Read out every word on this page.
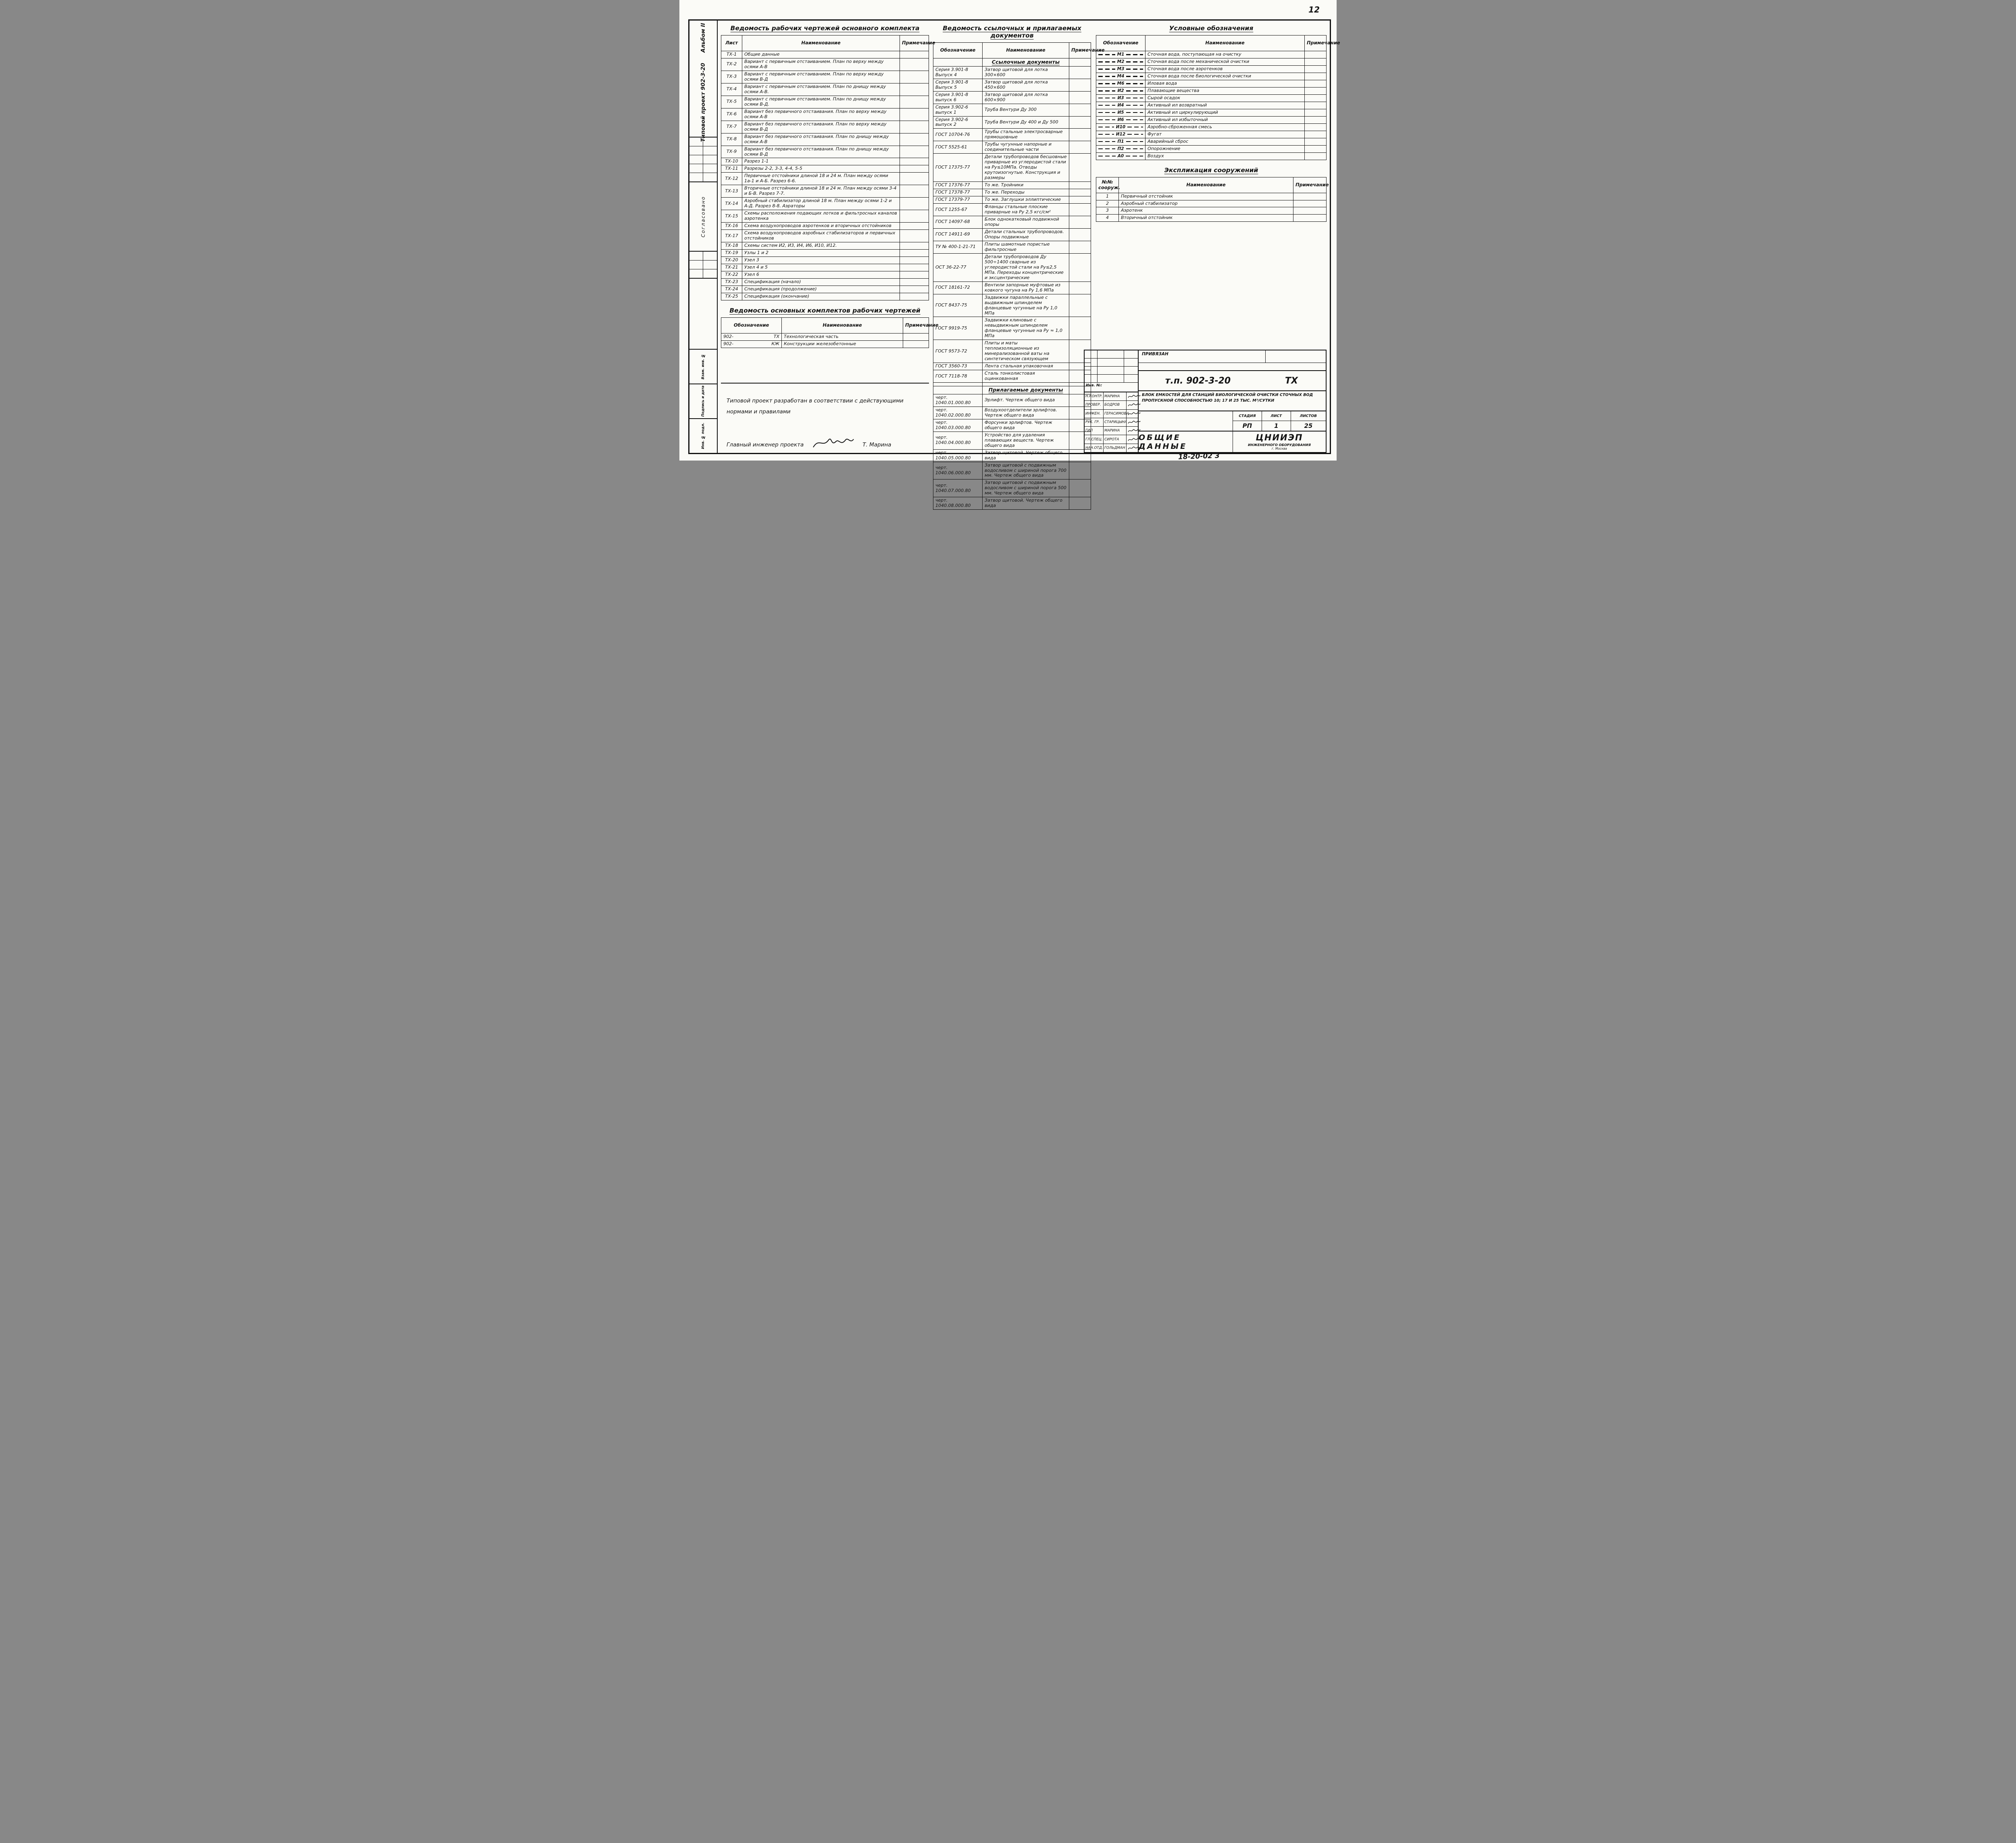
12
Альбом II
Типовой проект 902-3-20
Согласовано
Взам. инв. №
Подпись и дата
Инв. № подл.
Ведомость рабочих чертежей основного комплекта
Лист	Наименование	Примечание
ТХ-1	Общие данные	
ТХ-2	Вариант с первичным отстаиванием. План по верху между осями А-В	
ТХ-3	Вариант с первичным отстаиванием. План по верху между осями В-Д	
ТХ-4	Вариант с первичным отстаиванием. План по днищу между осями А-В.	
ТХ-5	Вариант с первичным отстаиванием. План по днищу между осями В-Д.	
ТХ-6	Вариант без первичного отстаивания. План по верху между осями А-В	
ТХ-7	Вариант без первичного отстаивания. План по верху между осями В-Д	
ТХ-8	Вариант без первичного отстаивания. План по днищу между осями А-В	
ТХ-9	Вариант без первичного отстаивания. План по днищу между осями В-Д	
ТХ-10	Разрез 1-1	
ТХ-11	Разрезы 2-2, 3-3, 4-4, 5-5	
ТХ-12	Первичные отстойники длиной 18 и 24 м. План между осями 1а-1 и А-Б. Разрез 6-6.	
ТХ-13	Вторичные отстойники длиной 18 и 24 м. План между осями 3-4 и Б-В. Разрез 7-7.	
ТХ-14	Аэробный стабилизатор длиной 18 м. План между осями 1-2 и А-Д. Разрез 8-8. Аэраторы	
ТХ-15	Схемы расположения подающих лотков и фильтросных каналов аэротенка	
ТХ-16	Схема воздухопроводов аэротенков и вторичных отстойников	
ТХ-17	Схема воздухопроводов аэробных стабилизаторов и первичных отстойников	
ТХ-18	Схемы систем И2, И3, И4, И6, И10, И12.	
ТХ-19	Узлы 1 и 2	
ТХ-20	Узел 3	
ТХ-21	Узел 4 и 5	
ТХ-22	Узел 6	
ТХ-23	Спецификация (начало)	
ТХ-24	Спецификация (продолжение)	
ТХ-25	Спецификация (окончание)	
Ведомость основных комплектов рабочих чертежей
Обозначение	Наименование	Примечание

902- ТХ	Технологическая часть	

902- КЖ	Конструкции железобетонные	

Типовой проект разработан в соответствии с действующими нормами и правилами

Главный инженер проекта	Т. Марина
Ведомость ссылочных и прилагаемых документов
Обозначение	Наименование	Примечание
	Ссылочные документы	
Серия 3.901-8 Выпуск 4	Затвор щитовой для лотка 300×600	
Серия 3.901-8 Выпуск 5	Затвор щитовой для лотка 450×600	
Серия 3.901-8 выпуск 6	Затвор щитовой для лотка 600×900	
Серия 3.902-6 выпуск 1	Труба Вентури Ду 300	
Серия 3.902-6 выпуск 2	Труба Вентури Ду 400 и Ду 500	
ГОСТ 10704-76	Трубы стальные электросварные прямошовные	
ГОСТ 5525-61	Трубы чугунные напорные и соединительные части	
ГОСТ 17375-77	Детали трубопроводов бесшовные приварные из углеродистой стали на Ру≤10МПа. Отводы крутоизогнутые. Конструкция и размеры	
ГОСТ 17376-77	То же. Тройники	
ГОСТ 17378-77	То же. Переходы	
ГОСТ 17379-77	То же. Заглушки эллиптические	
ГОСТ 1255-67	Фланцы стальные плоские приварные на Ру 2,5 кгс/см²	
ГОСТ 14097-68	Блок однокатковый подвижной опоры	
ГОСТ 14911-69	Детали стальных трубопроводов. Опоры подвижные	
ТУ № 400-1-21-71	Плиты шамотные пористые фильтросные	
ОСТ 36-22-77	Детали трубопроводов Ду 500÷1400 сварные из углеродистой стали на Ру≤2,5 МПа. Переходы концентрические и эксцентрические	
ГОСТ 18161-72	Вентили запорные муфтовые из ковкого чугуна на Ру 1,6 МПа	
ГОСТ 8437-75	Задвижки параллельные с выдвижным шпинделем фланцевые чугунные на Ру 1,0 МПа	
ГОСТ 9919-75	Задвижки клиновые с невыдвижным шпинделем фланцевые чугунные на Ру ≈ 1,0 МПа	
ГОСТ 9573-72	Плиты и маты теплоизоляционные из минерализованной ваты на синтетическом связующем	
ГОСТ 3560-73	Лента стальная упаковочная	
ГОСТ 7118-78	Сталь тонколистовая оцинкованная	

	Прилагаемые документы	
черт. 1040.01.000.80	Эрлифт. Чертеж общего вида	
черт. 1040.02.000.80	Воздухоотделители эрлифтов. Чертеж общего вида	
черт. 1040.03.000.80	Форсунки эрлифтов. Чертеж общего вида	
черт. 1040.04.000.80	Устройство для удаления плавающих веществ. Чертеж общего вида	
черт. 1040.05.000.80	Затвор щитовой. Чертеж общего вида	
черт. 1040.06.000.80	Затвор щитовой с подвижным водосливом с шириной порога 700 мм. Чертеж общего вида	
черт. 1040.07.000.80	Затвор щитовой с подвижным водосливом с шириной порога 500 мм. Чертеж общего вида	
черт. 1040.08.000.80	Затвор щитовой. Чертеж общего вида	
Условные обозначения
Обозначение	Наименование	Примечание

М1	Сточная вода, поступающая на очистку	

М2	Сточная вода после механической очистки	

М3	Сточная вода после аэротенков	

М4	Сточная вода после биологической очистки	

М6	Иловая вода	

И2	Плавающие вещества	

И3	Сырой осадок	

И4	Активный ил возвратный	

И5	Активный ил циркулирующий	

И6	Активный ил избыточный	

И10	Аэробно-сброженная смесь	

И12	Фугат	

П1	Аварийный сброс	

П2	Опорожнение	

А0	Воздух	
Экспликация сооружений
№№ сооруж.	Наименование	Примечание
1	Первичный отстойник	
2	Аэробный стабилизатор	
3	Аэротенк	
4	Вторичный отстойник	
Инв. №:
Н.КОНТР. МАРИНА
ПРОВЕР. БОДРОВ
ИНЖЕН.	ГЕРАСИМОВА
РУК. ГР.	СТАРИЦЫНА
ГИП	МАРИНА
ГЛ.СПЕЦ. СИРОТА
НАЧ.ОТД. ГОЛЬДМАН
ПРИВЯЗАН
т.п. 902-3-20	ТХ
БЛОК ЕМКОСТЕЙ ДЛЯ СТАНЦИЙ БИОЛОГИЧЕСКОЙ ОЧИСТКИ СТОЧНЫХ ВОД ПРОПУСКНОЙ СПОСОБНОСТЬЮ 10; 17 И 25 ТЫС. М³/СУТКИ
СТАДИЯ	ЛИСТ	ЛИСТОВ
РП	1	25
ОБЩИЕ ДАННЫЕ
ЦНИИЭП
ИНЖЕНЕРНОГО ОБОРУДОВАНИЯ
г. Москва
18-20-02 3
